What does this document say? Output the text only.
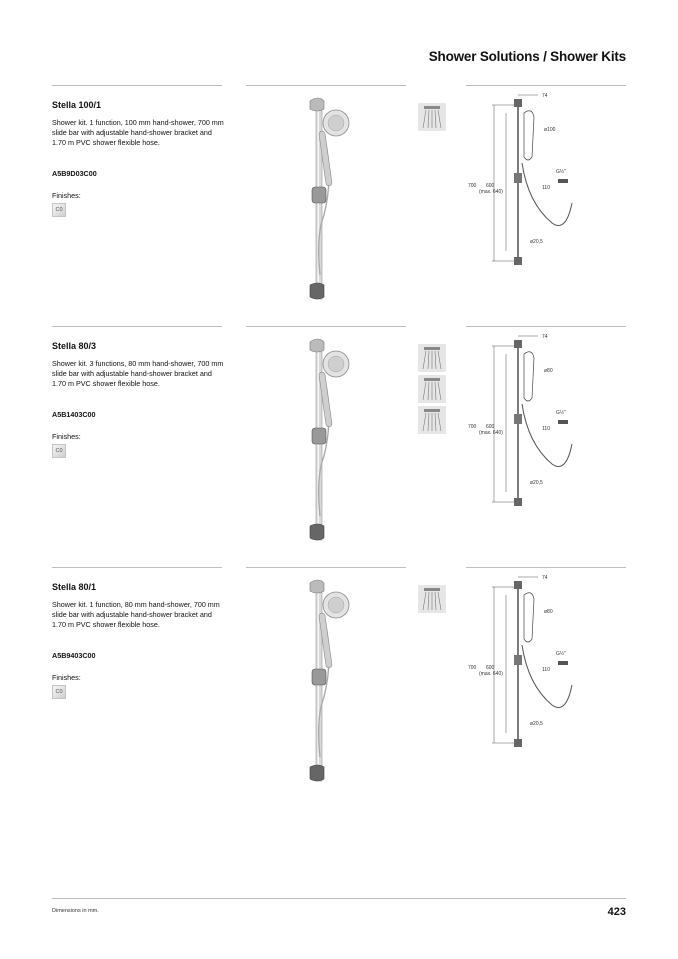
Shower Solutions / Shower Kits
Stella 100/1
Shower kit. 1 function, 100 mm hand-shower, 700 mm slide bar with adjustable hand-shower bracket and 1.70 m PVC shower flexible hose.
A5B9D03C00
Finishes:
C0
74
ø100
700 600
(max. 640)
G½"
110
ø20,5
Stella 80/3
Shower kit. 3 functions, 80 mm hand-shower, 700 mm slide bar with adjustable hand-shower bracket and 1.70 m PVC shower flexible hose.
A5B1403C00
Finishes:
C0
74
ø80
700 600
(max. 640)
G½"
110
ø20,5
Stella 80/1
Shower kit. 1 function, 80 mm hand-shower, 700 mm slide bar with adjustable hand-shower bracket and 1.70 m PVC shower flexible hose.
A5B9403C00
Finishes:
C0
74
ø80
700 600
(max. 640)
G½"
110
ø20,5
Dimensions in mm.	423
